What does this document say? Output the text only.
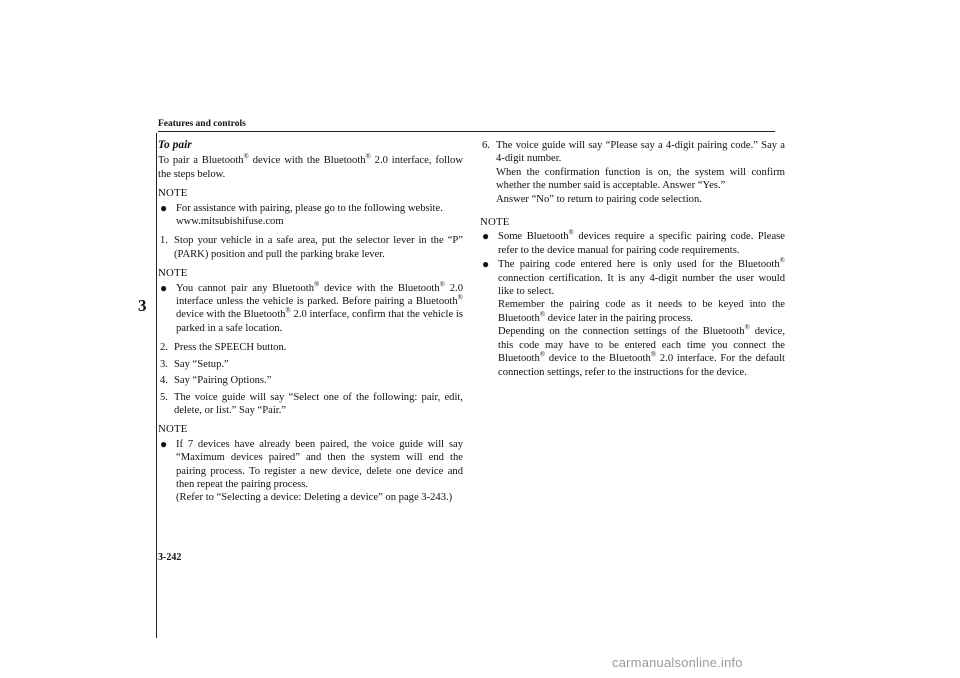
Features and controls
3
3-242
To pair

To pair a Bluetooth® device with the Bluetooth® 2.0 interface, follow the steps below.

NOTE
● For assistance with pairing, please go to the following website.
www.mitsubishifuse.com
1. Stop your vehicle in a safe area, put the selector lever in the “P” (PARK) position and pull the parking brake lever.
NOTE
● You cannot pair any Bluetooth® device with the Bluetooth® 2.0 interface unless the vehicle is parked. Before pairing a Bluetooth® device with the Bluetooth® 2.0 interface, confirm that the vehicle is parked in a safe location.
2. Press the SPEECH button.
3. Say “Setup.”
4. Say “Pairing Options.”
5. The voice guide will say “Select one of the following: pair, edit, delete, or list.” Say “Pair.”
NOTE
● If 7 devices have already been paired, the voice guide will say “Maximum devices paired” and then the system will end the pairing process. To register a new device, delete one device and then repeat the pairing process.
(Refer to “Selecting a device: Deleting a device” on page 3-243.)
6. The voice guide will say “Please say a 4-digit pairing code.” Say a 4-digit number.
When the confirmation function is on, the system will confirm whether the number said is acceptable. Answer “Yes.”
Answer “No” to return to pairing code selection.
NOTE
● Some Bluetooth® devices require a specific pairing code. Please refer to the device manual for pairing code requirements.
● The pairing code entered here is only used for the Bluetooth® connection certification. It is any 4-digit number the user would like to select.
Remember the pairing code as it needs to be keyed into the Bluetooth® device later in the pairing process.
Depending on the connection settings of the Bluetooth® device, this code may have to be entered each time you connect the Bluetooth® device to the Bluetooth® 2.0 interface. For the default connection settings, refer to the instructions for the device.
carmanualsonline.info
